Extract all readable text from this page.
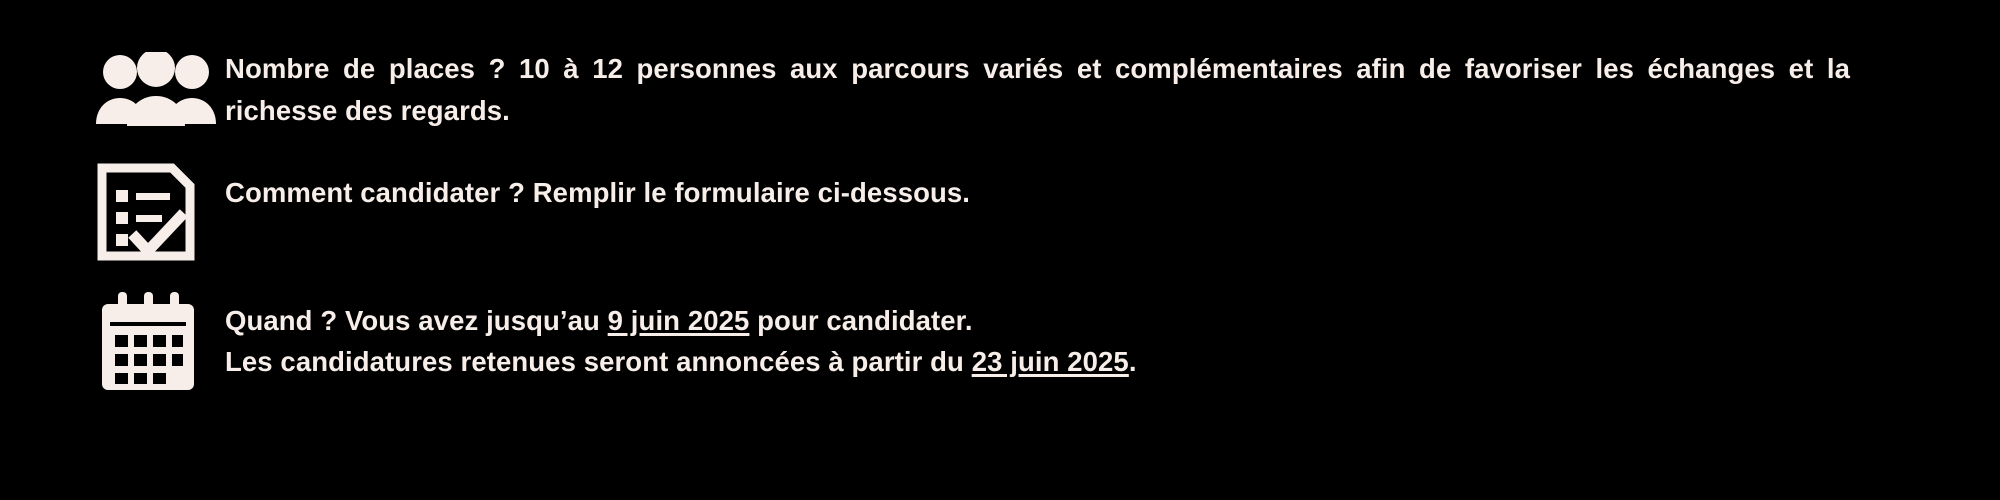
Nombre de places ? 10 à 12 personnes aux parcours variés et complémentaires afin de favoriser les échanges et la richesse des regards.

Comment candidater ? Remplir le formulaire ci-dessous.

Quand ? Vous avez jusqu’au 9 juin 2025 pour candidater.

Les candidatures retenues seront annoncées à partir du 23 juin 2025.
